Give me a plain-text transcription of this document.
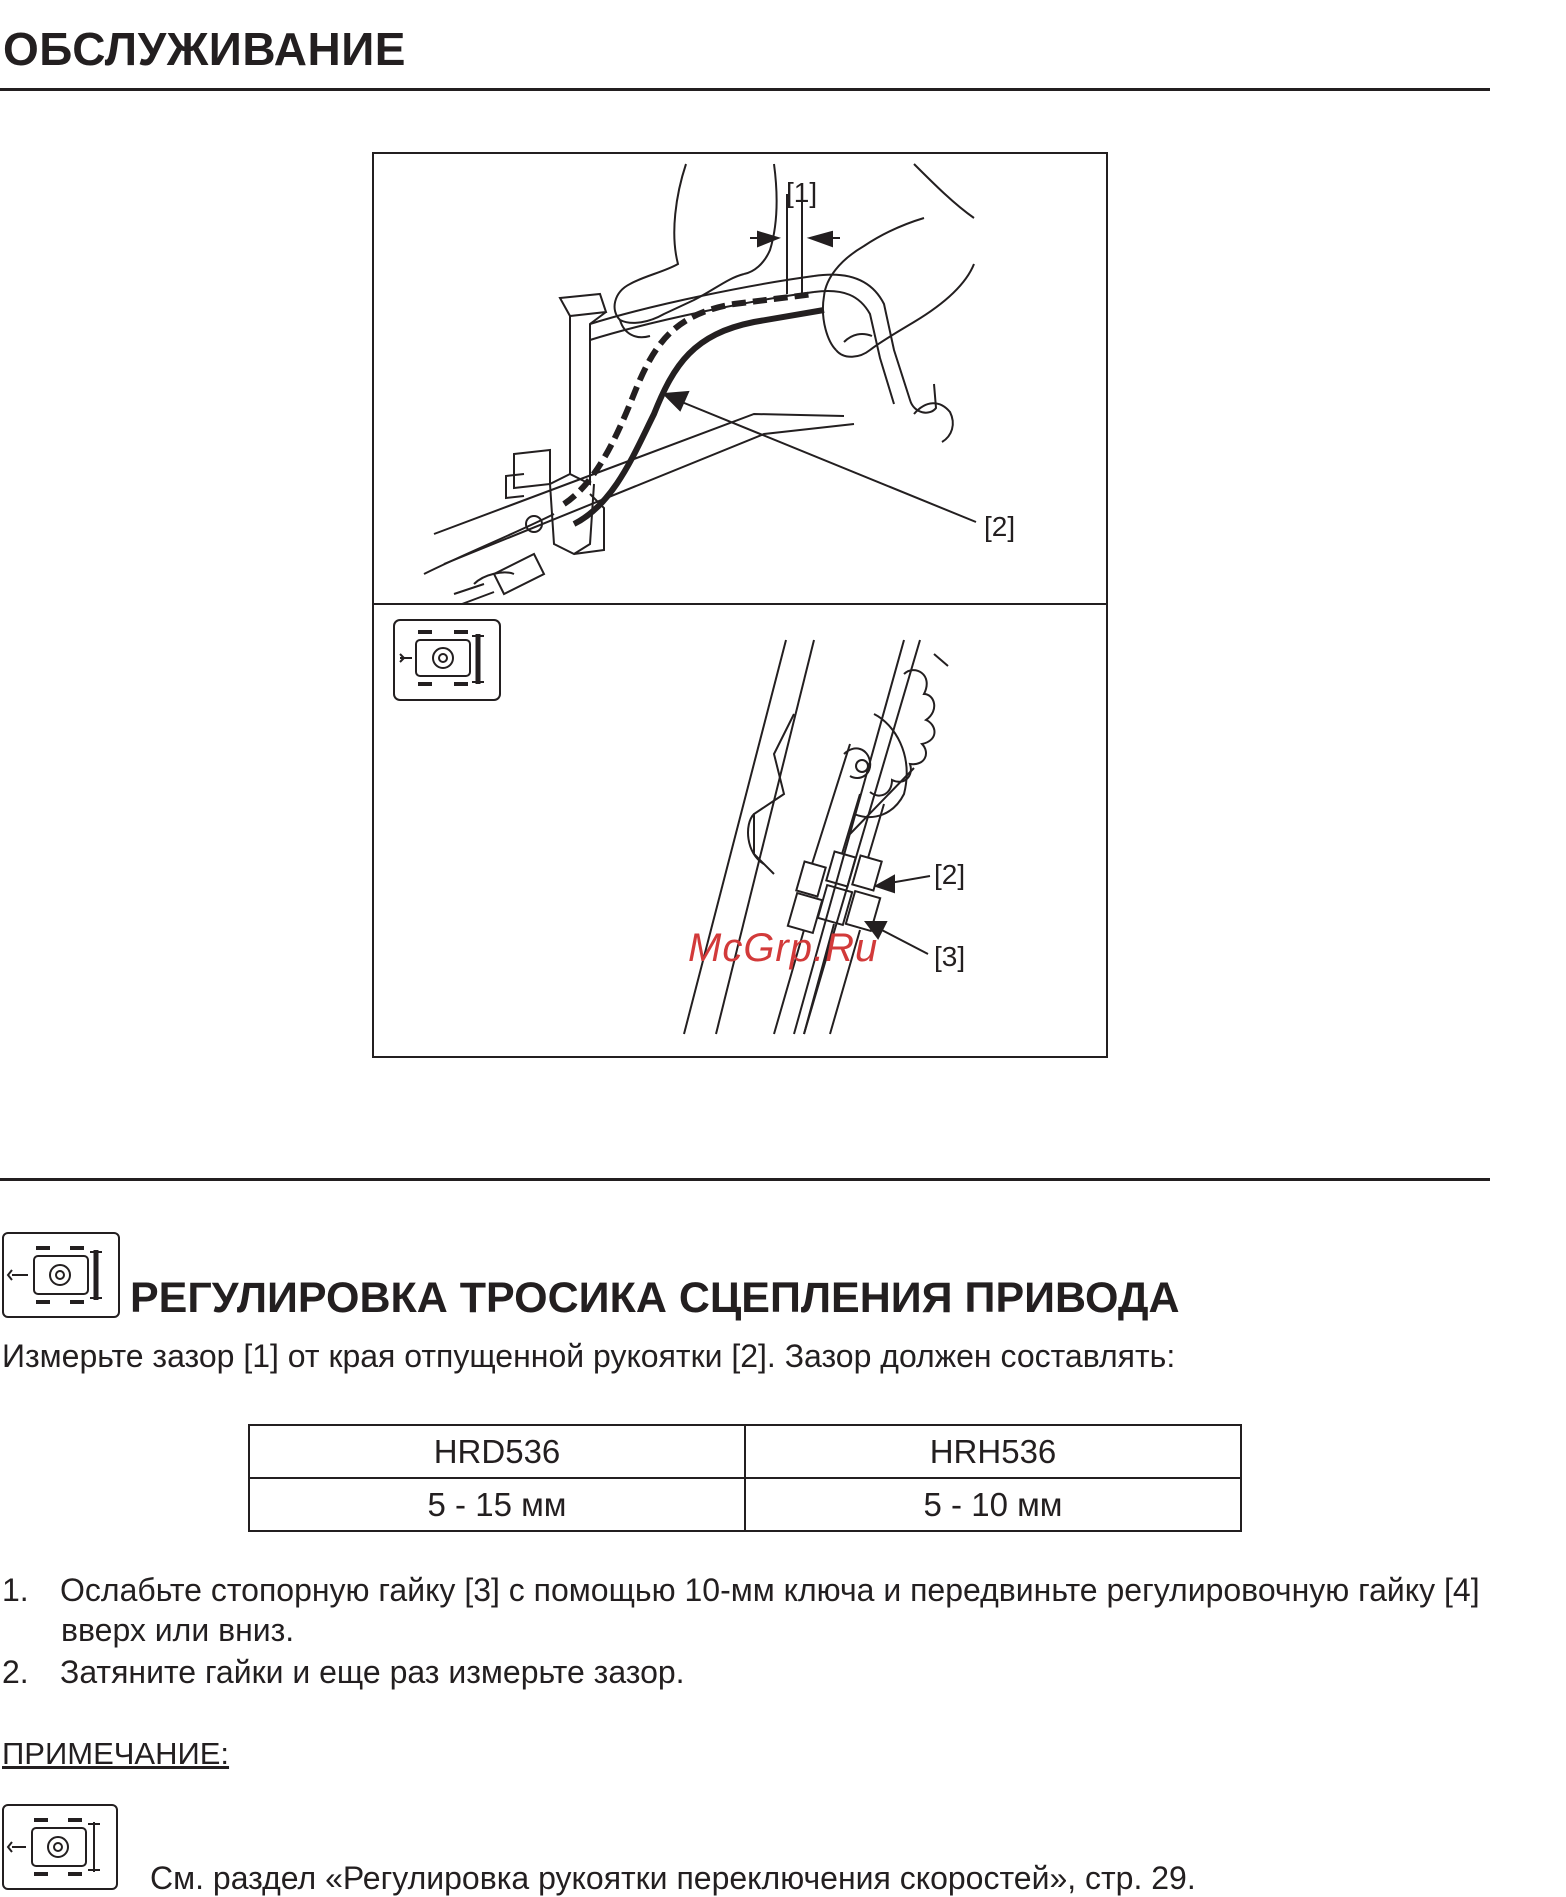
ОБСЛУЖИВАНИЕ
[1]
[2]
[2]
[3]
McGrp.Ru
РЕГУЛИРОВКА ТРОСИКА СЦЕПЛЕНИЯ ПРИВОДА
Измерьте зазор [1] от края отпущенной рукоятки [2]. Зазор должен составлять:
HRD536	HRH536
5 - 15 мм	5 - 10 мм
1. Ослабьте стопорную гайку [3] с помощью 10-мм ключа и передвиньте регулировочную гайку [4]
вверх или вниз.
2. Затяните гайки и еще раз измерьте зазор.
ПРИМЕЧАНИЕ:
См. раздел «Регулировка рукоятки переключения скоростей», стр. 29.
